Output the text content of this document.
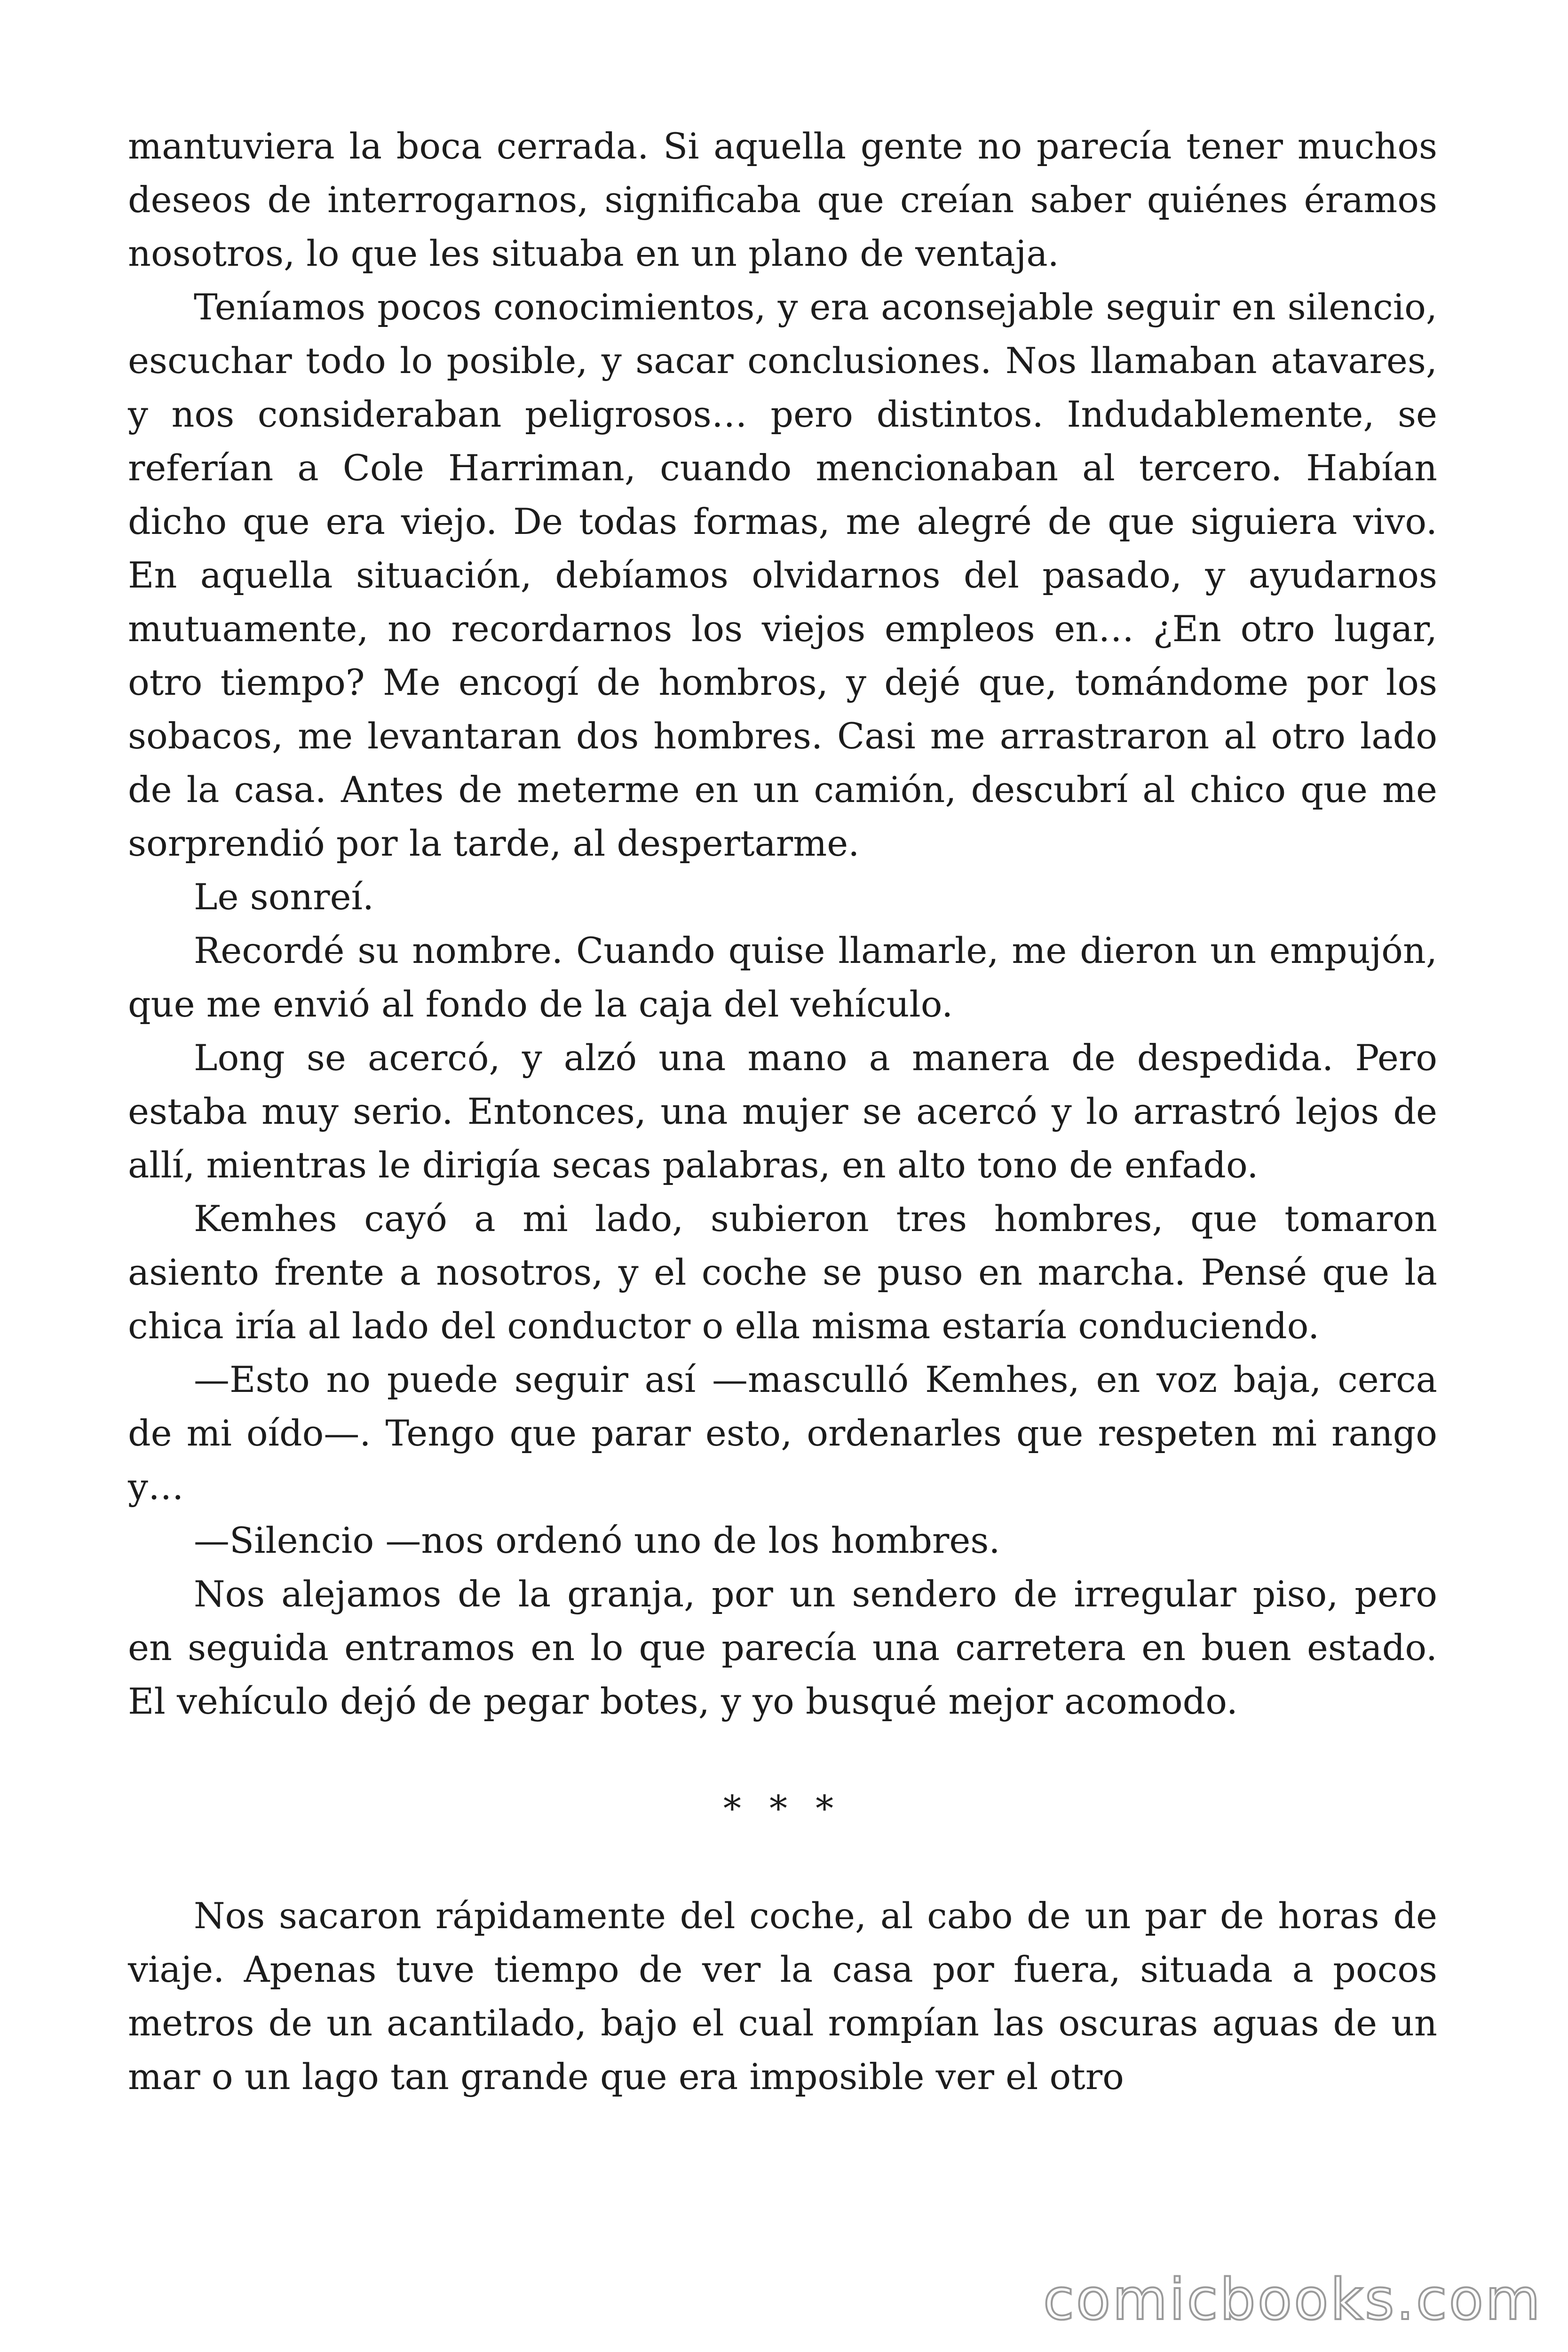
mantuviera la boca cerrada. Si aquella gente no parecía tener muchos deseos de interrogarnos, significaba que creían saber quiénes éramos nosotros, lo que les situaba en un plano de ventaja.

Teníamos pocos conocimientos, y era aconsejable seguir en silencio, escuchar todo lo posible, y sacar conclusiones. Nos llamaban atavares, y nos consideraban peligrosos… pero distintos. Indudablemente, se referían a Cole Harriman, cuando mencionaban al tercero. Habían dicho que era viejo. De todas formas, me alegré de que siguiera vivo. En aquella situación, debíamos olvidarnos del pasado, y ayudarnos mutuamente, no recordarnos los viejos empleos en… ¿En otro lugar, otro tiempo? Me encogí de hombros, y dejé que, tomándome por los sobacos, me levantaran dos hombres. Casi me arrastraron al otro lado de la casa. Antes de meterme en un camión, descubrí al chico que me sorprendió por la tarde, al despertarme.

Le sonreí.

Recordé su nombre. Cuando quise llamarle, me dieron un empujón, que me envió al fondo de la caja del vehículo.

Long se acercó, y alzó una mano a manera de despedida. Pero estaba muy serio. Entonces, una mujer se acercó y lo arrastró lejos de allí, mientras le dirigía secas palabras, en alto tono de enfado.

Kemhes cayó a mi lado, subieron tres hombres, que tomaron asiento frente a nosotros, y el coche se puso en marcha. Pensé que la chica iría al lado del conductor o ella misma estaría conduciendo.

—Esto no puede seguir así —masculló Kemhes, en voz baja, cerca de mi oído—. Tengo que parar esto, ordenarles que respeten mi rango y…

—Silencio —nos ordenó uno de los hombres.

Nos alejamos de la granja, por un sendero de irregular piso, pero en seguida entramos en lo que parecía una carretera en buen estado. El vehículo dejó de pegar botes, y yo busqué mejor acomodo.

* * *

Nos sacaron rápidamente del coche, al cabo de un par de horas de viaje. Apenas tuve tiempo de ver la casa por fuera, situada a pocos metros de un acantilado, bajo el cual rompían las oscuras aguas de un mar o un lago tan grande que era imposible ver el otro

comicbooks.com
